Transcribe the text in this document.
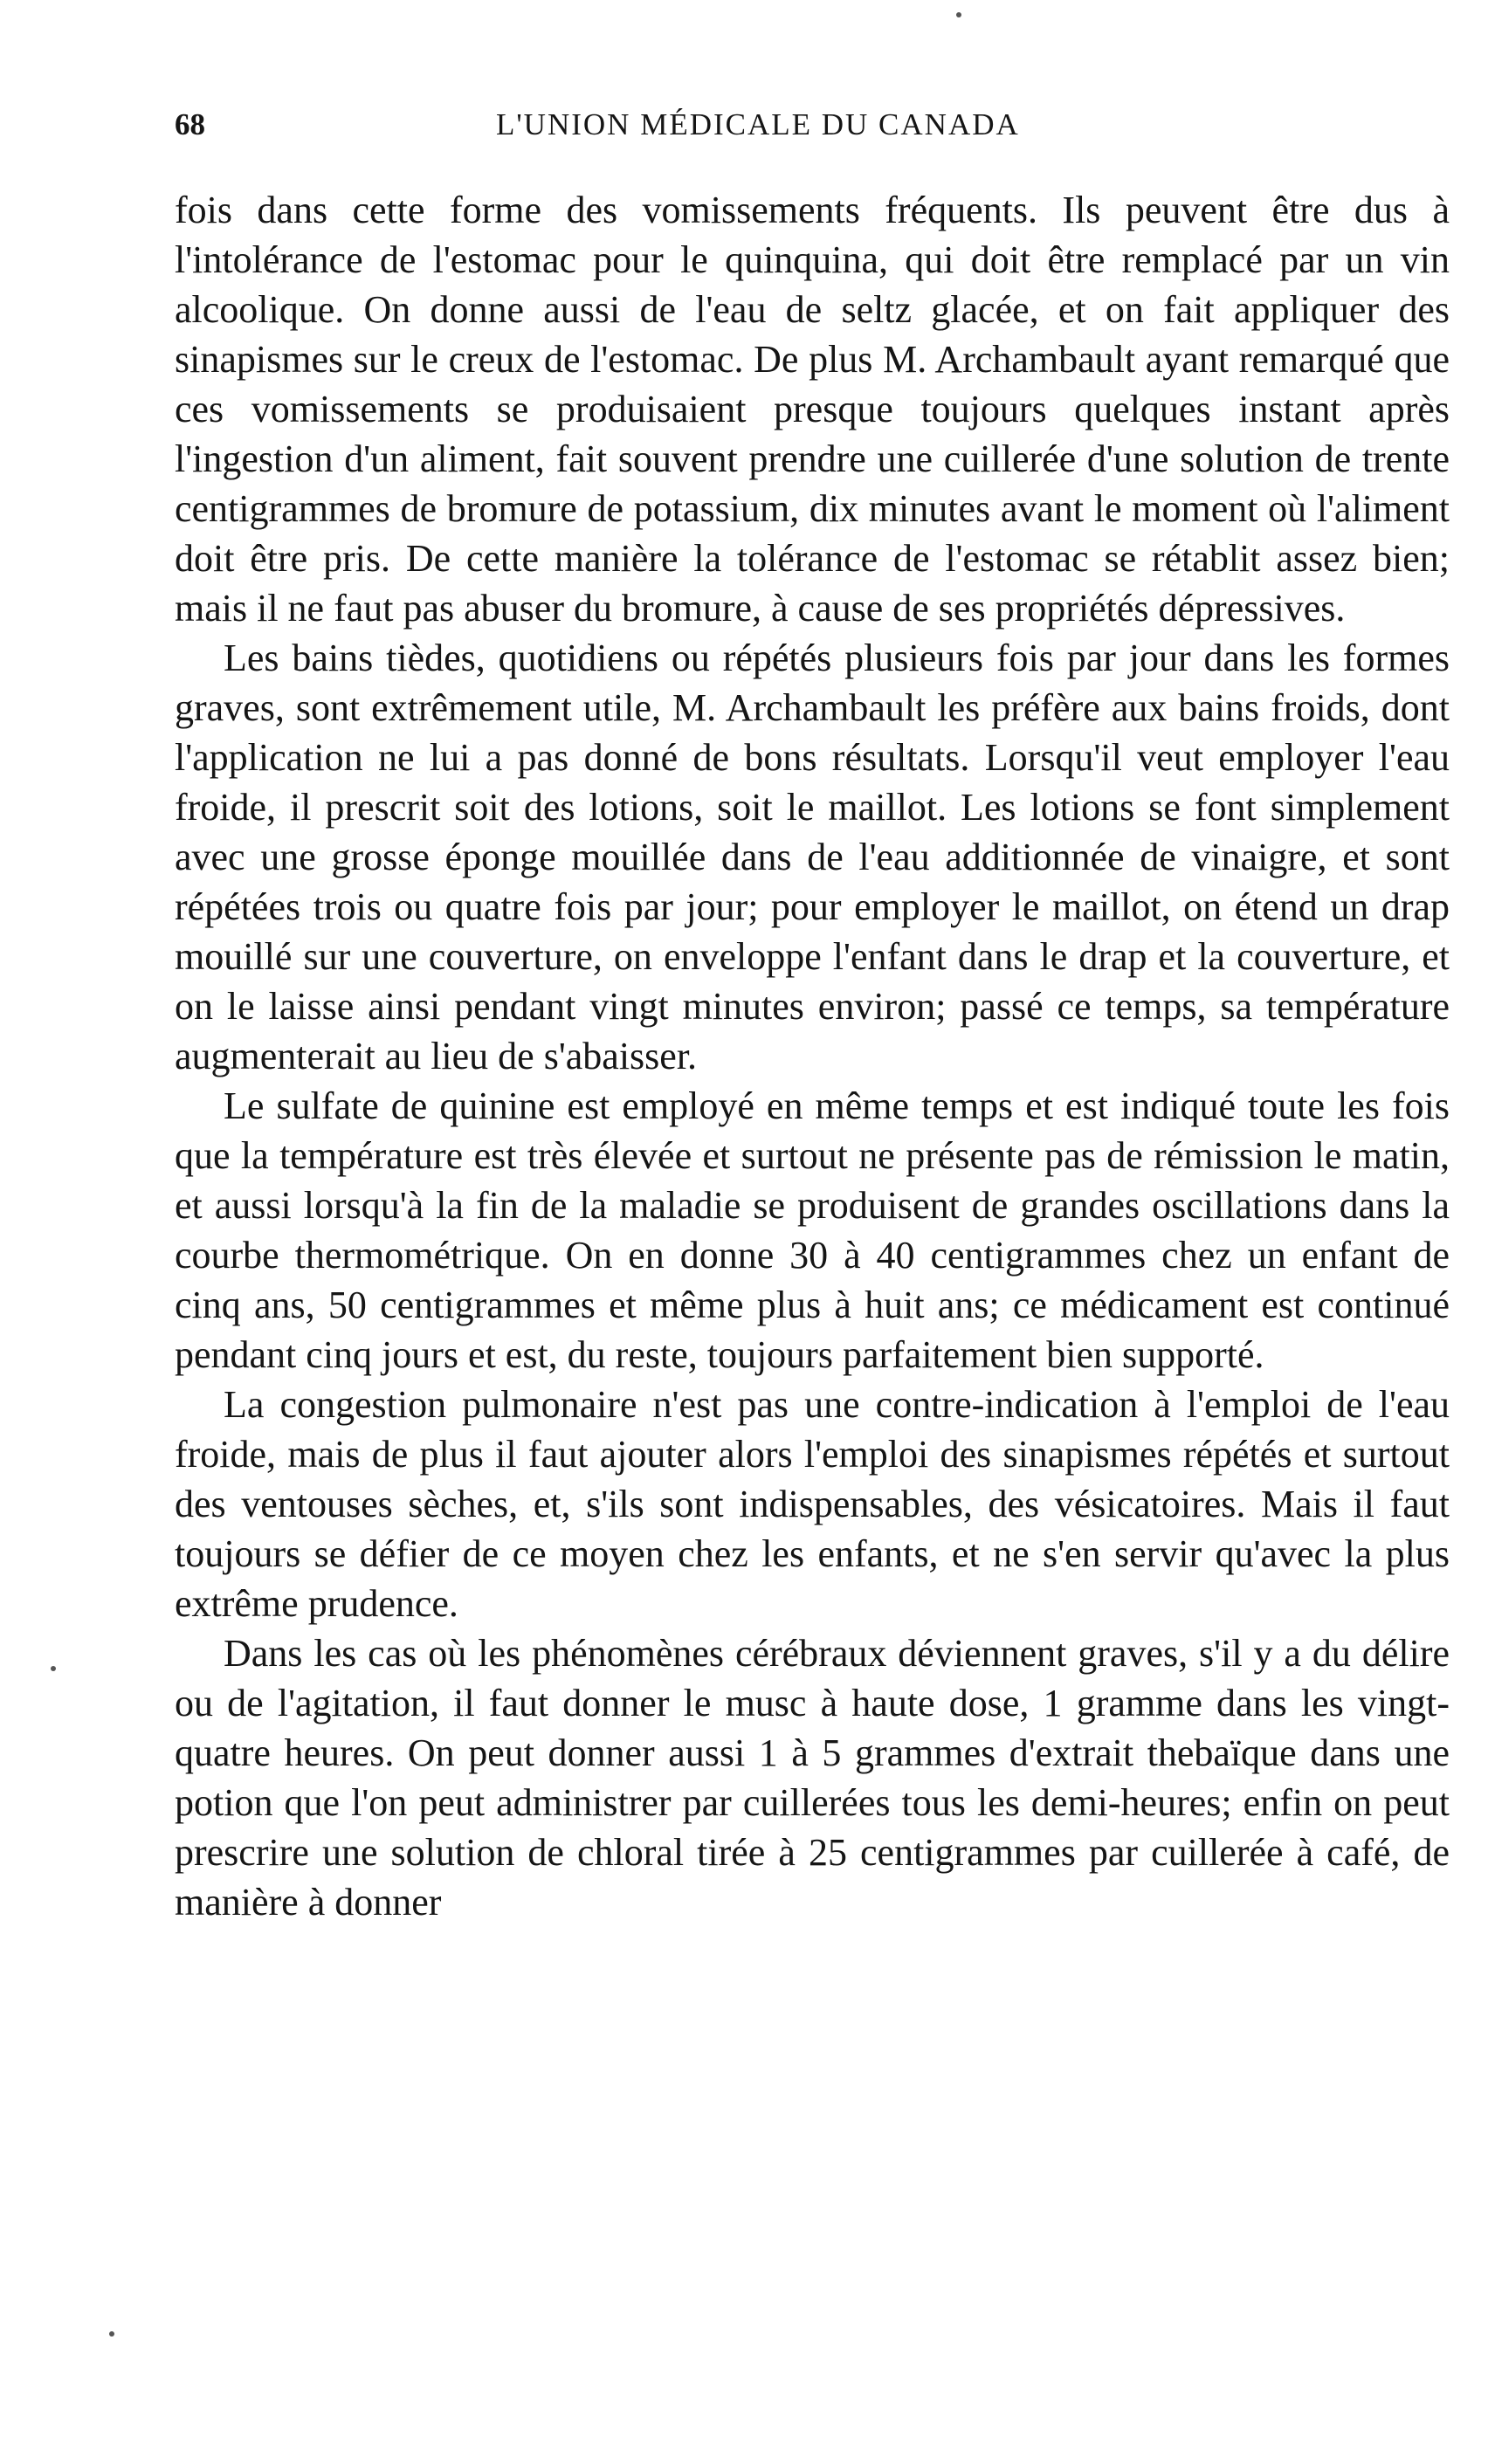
68	L'UNION MÉDICALE DU CANADA

fois dans cette forme des vomissements fréquents. Ils peuvent être dus à l'intolérance de l'estomac pour le quinquina, qui doit être remplacé par un vin alcoolique. On donne aussi de l'eau de seltz glacée, et on fait appliquer des sinapismes sur le creux de l'estomac. De plus M. Archambault ayant remarqué que ces vomissements se produisaient presque toujours quelques instant après l'ingestion d'un aliment, fait souvent prendre une cuillerée d'une solution de trente centigrammes de bromure de potassium, dix minutes avant le moment où l'aliment doit être pris. De cette manière la tolérance de l'estomac se rétablit assez bien; mais il ne faut pas abuser du bromure, à cause de ses propriétés dépressives.

Les bains tièdes, quotidiens ou répétés plusieurs fois par jour dans les formes graves, sont extrêmement utile, M. Archambault les préfère aux bains froids, dont l'application ne lui a pas donné de bons résultats. Lorsqu'il veut employer l'eau froide, il prescrit soit des lotions, soit le maillot. Les lotions se font simplement avec une grosse éponge mouillée dans de l'eau additionnée de vinaigre, et sont répétées trois ou quatre fois par jour; pour employer le maillot, on étend un drap mouillé sur une couverture, on enveloppe l'enfant dans le drap et la couverture, et on le laisse ainsi pendant vingt minutes environ; passé ce temps, sa température augmenterait au lieu de s'abaisser.

Le sulfate de quinine est employé en même temps et est indiqué toute les fois que la température est très élevée et surtout ne présente pas de rémission le matin, et aussi lorsqu'à la fin de la maladie se produisent de grandes oscillations dans la courbe thermométrique. On en donne 30 à 40 centigrammes chez un enfant de cinq ans, 50 centigrammes et même plus à huit ans; ce médicament est continué pendant cinq jours et est, du reste, toujours parfaitement bien supporté.

La congestion pulmonaire n'est pas une contre-indication à l'emploi de l'eau froide, mais de plus il faut ajouter alors l'emploi des sinapismes répétés et surtout des ventouses sèches, et, s'ils sont indispensables, des vésicatoires. Mais il faut toujours se défier de ce moyen chez les enfants, et ne s'en servir qu'avec la plus extrême prudence.

Dans les cas où les phénomènes cérébraux déviennent graves, s'il y a du délire ou de l'agitation, il faut donner le musc à haute dose, 1 gramme dans les vingt-quatre heures. On peut donner aussi 1 à 5 grammes d'extrait thebaïque dans une potion que l'on peut administrer par cuillerées tous les demi-heures; enfin on peut prescrire une solution de chloral tirée à 25 centigrammes par cuillerée à café, de manière à donner
